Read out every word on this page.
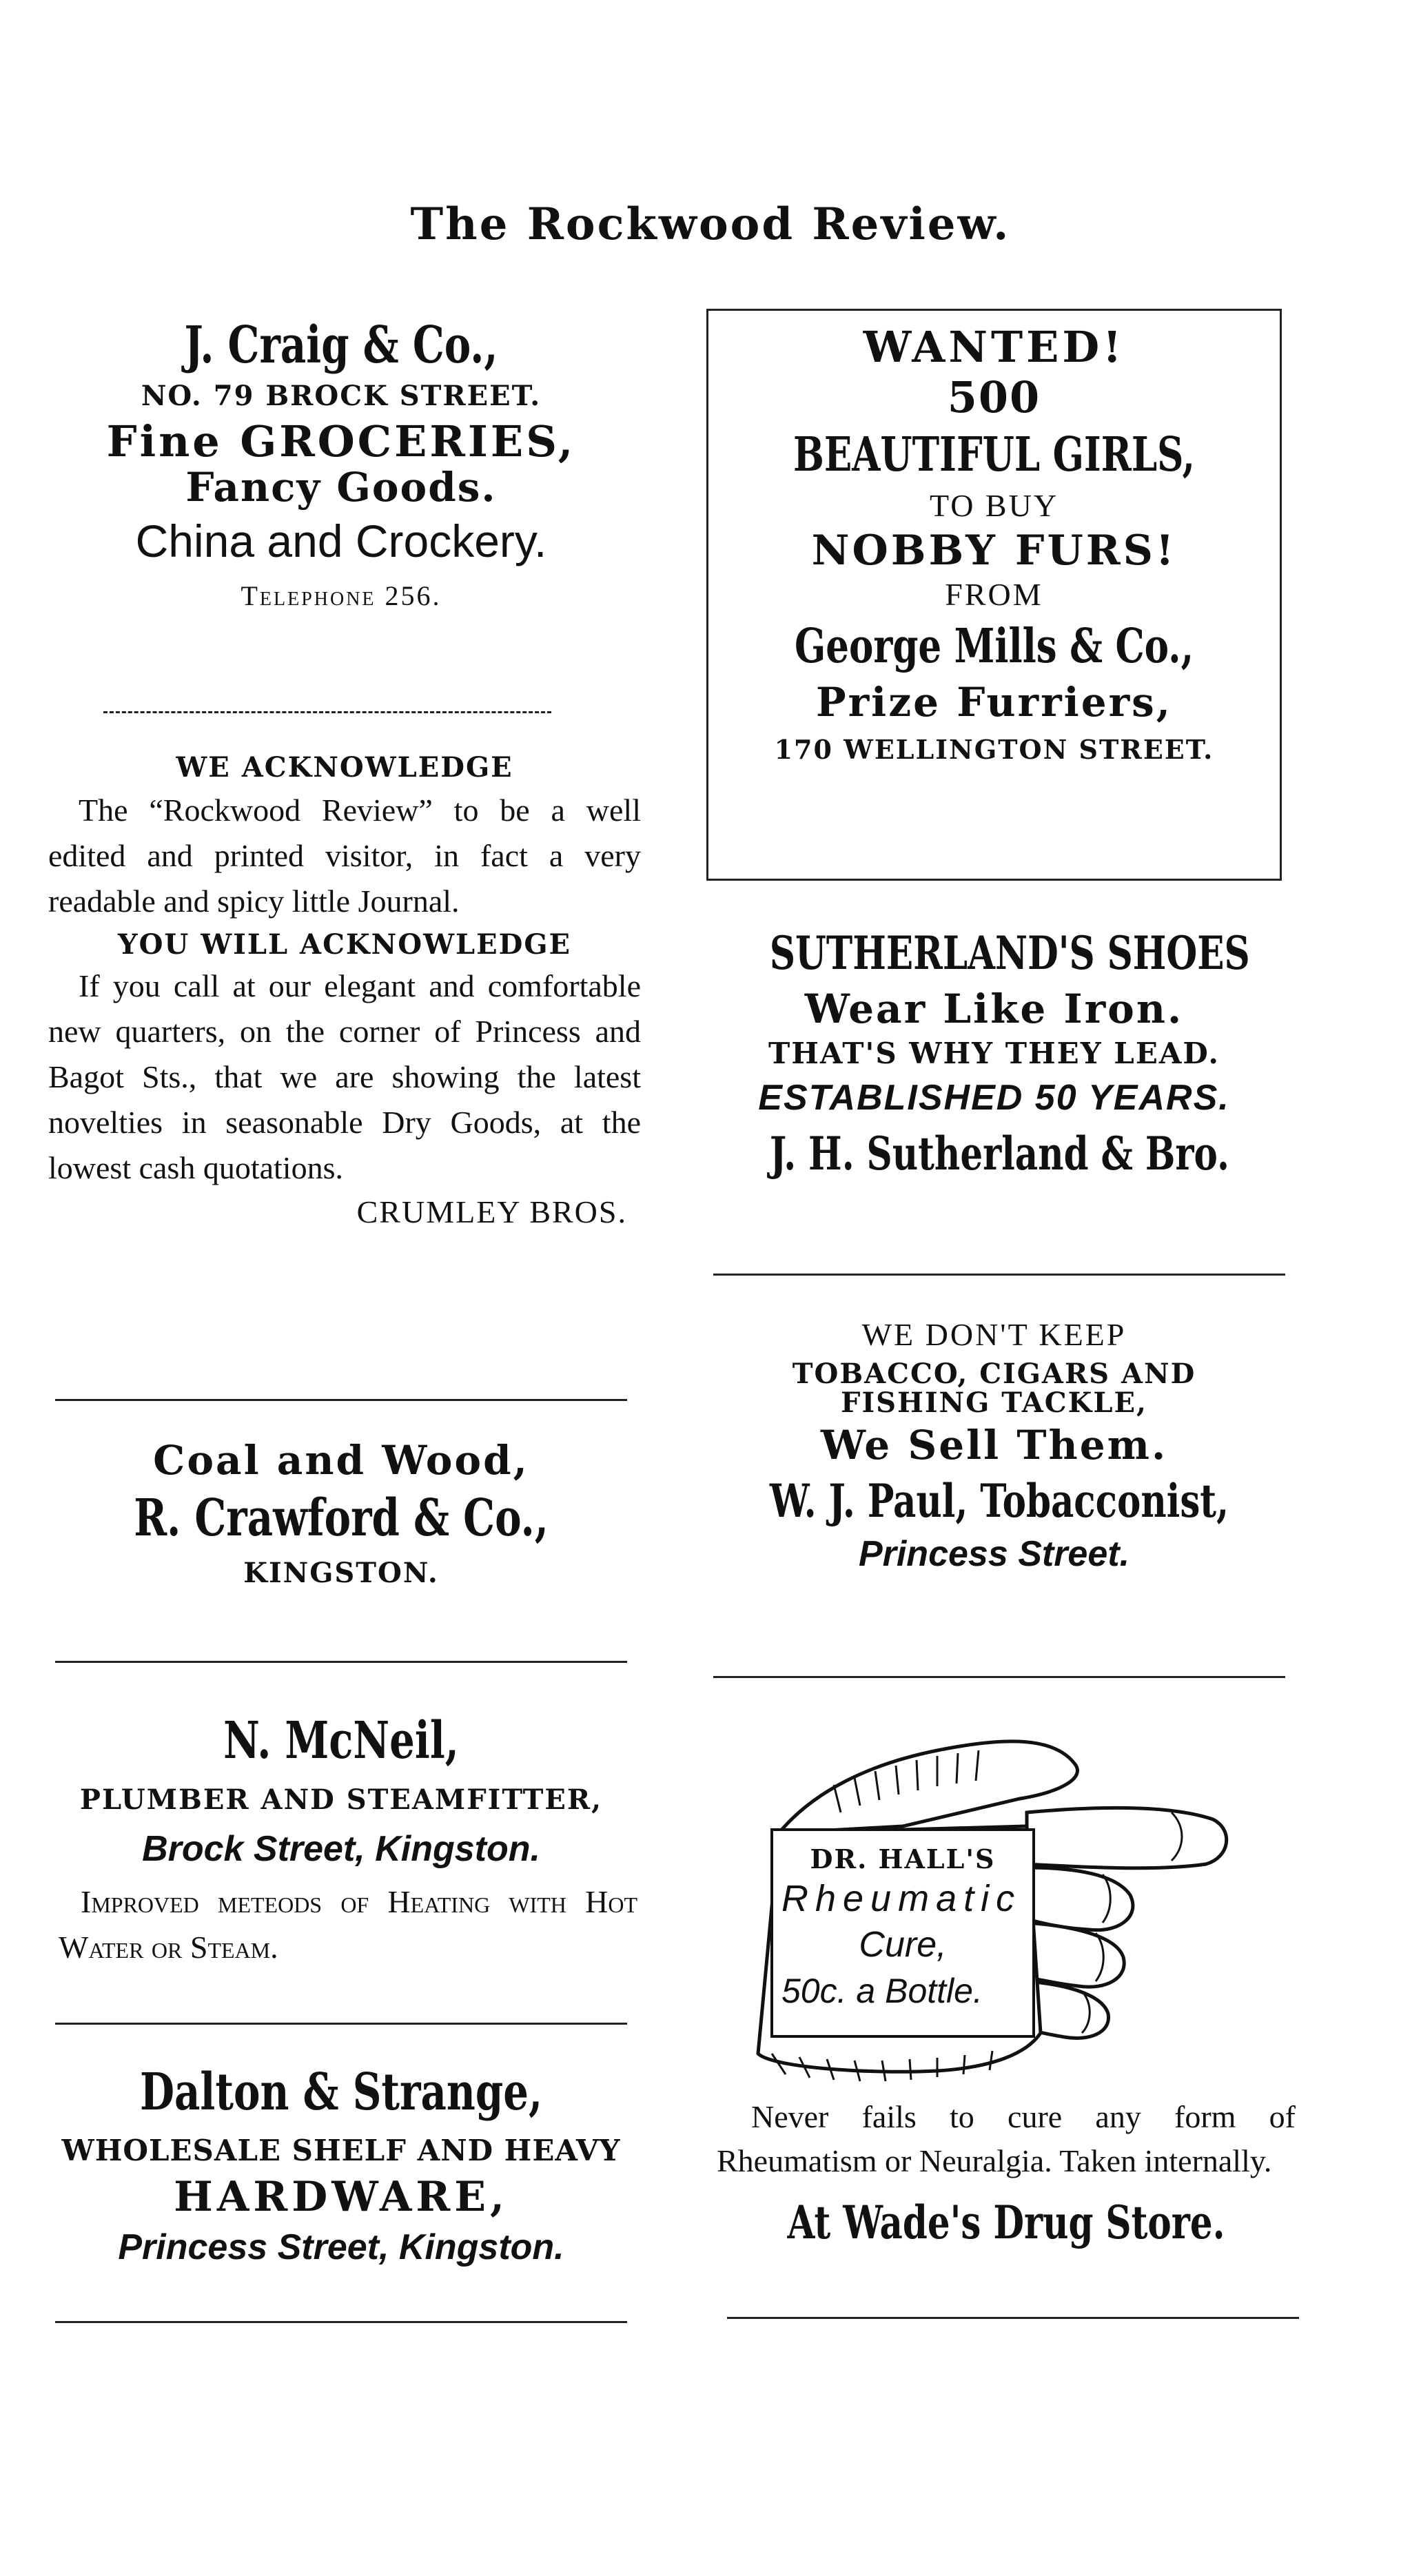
The Rockwood Review.
J. Craig & Co.,
NO. 79 BROCK STREET.
Fine GROCERIES,
Fancy Goods.
China and Crockery.
Telephone 256.
WE ACKNOWLEDGE
The “Rockwood Review” to be a well edited and printed visitor, in fact a very readable and spicy little Journal.
YOU WILL ACKNOWLEDGE
If you call at our elegant and comfortable new quarters, on the corner of Princess and Bagot Sts., that we are showing the latest novelties in seasonable Dry Goods, at the lowest cash quotations.
CRUMLEY BROS.
Coal and Wood,
R. Crawford & Co.,
KINGSTON.
N. McNeil,
PLUMBER AND STEAMFITTER,
Brock Street, Kingston.
Improved meteods of Heating with Hot Water or Steam.
Dalton & Strange,
WHOLESALE SHELF AND HEAVY
HARDWARE,
Princess Street, Kingston.
WANTED!
500
BEAUTIFUL GIRLS,
TO BUY
NOBBY FURS!
FROM
George Mills & Co.,
Prize Furriers,
170 WELLINGTON STREET.
SUTHERLAND'S SHOES
Wear Like Iron.
THAT'S WHY THEY LEAD.
ESTABLISHED 50 YEARS.
J. H. Sutherland & Bro.
WE DON'T KEEP
TOBACCO, CIGARS AND FISHING TACKLE,
We Sell Them.
W. J. Paul, Tobacconist,
Princess Street.
DR. HALL'S
Rheumatic
Cure,
50c. a Bottle.
Never fails to cure any form of Rheumatism or Neuralgia. Taken internally.
At Wade's Drug Store.
